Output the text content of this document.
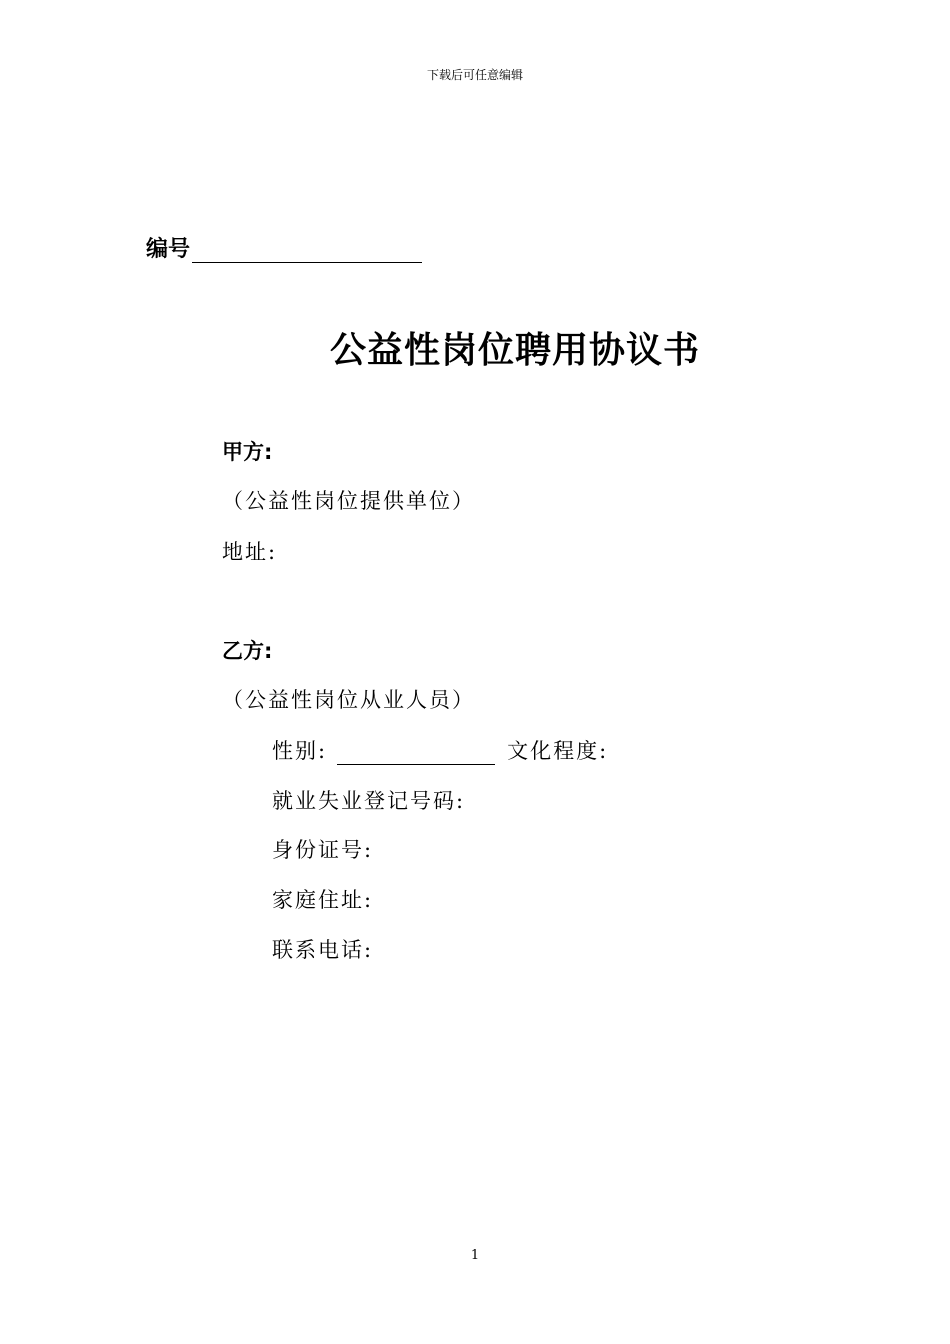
下载后可任意编辑
编号
公益性岗位聘用协议书
甲方:
（公益性岗位提供单位）
地址:
乙方:
（公益性岗位从业人员）
性别:	文化程度:
就业失业登记号码:
身份证号:
家庭住址:
联系电话:
1
